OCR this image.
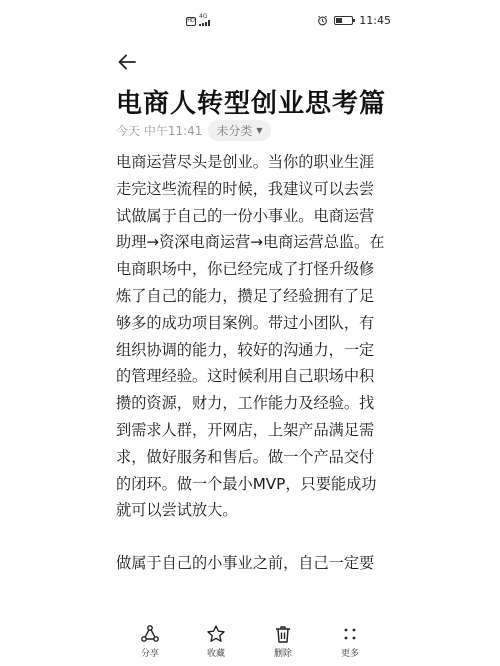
HD
4G	11:45
电商人转型创业思考篇
今天 中午11:41 未分类 ▼

电商运营尽头是创业。当你的职业生涯走完这些流程的时候，我建议可以去尝试做属于自己的一份小事业。电商运营助理→资深电商运营→电商运营总监。在电商职场中，你已经完成了打怪升级修炼了自己的能力，攒足了经验拥有了足够多的成功项目案例。带过小团队，有组织协调的能力，较好的沟通力，一定的管理经验。这时候利用自己职场中积攒的资源，财力，工作能力及经验。找到需求人群，开网店，上架产品满足需求，做好服务和售后。做一个产品交付的闭环。做一个最小MVP，只要能成功就可以尝试放大。

做属于自己的小事业之前，自己一定要

分享	收藏	删除	更多
